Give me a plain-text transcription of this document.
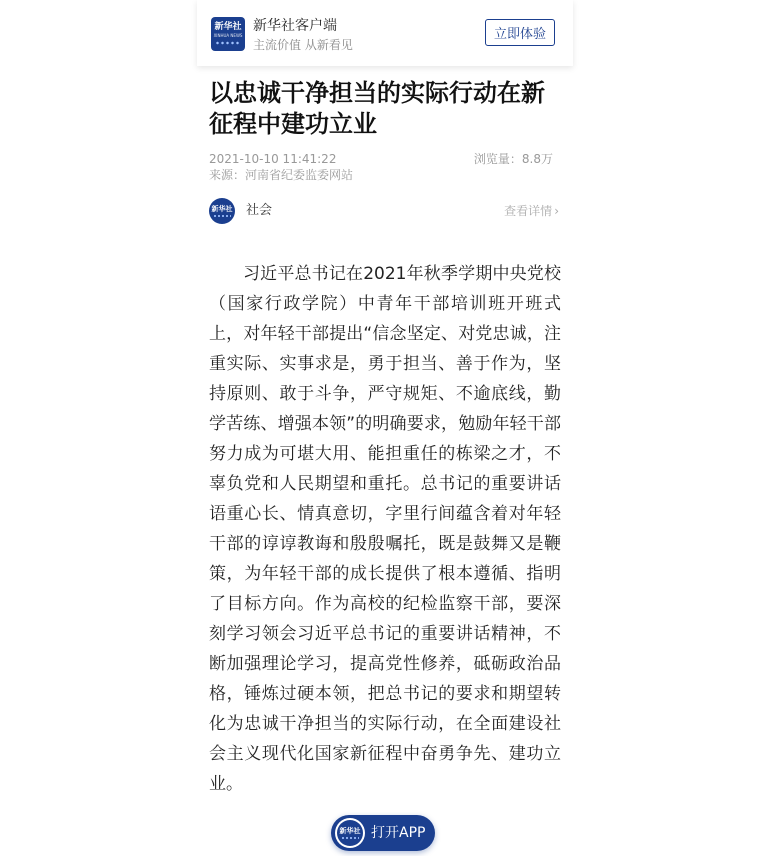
新华社
XINHUA NEWS
新华社客户端
主流价值 从新看见
立即体验
以忠诚干净担当的实际行动在新征程中建功立业
2021-10-10 11:41:22	浏览量：8.8万
来源：河南省纪委监委网站
新华社 社会	查看详情 ›

习近平总书记在2021年秋季学期中央党校（国家行政学院）中青年干部培训班开班式上，对年轻干部提出“信念坚定、对党忠诚，注重实际、实事求是，勇于担当、善于作为，坚持原则、敢于斗争，严守规矩、不逾底线，勤学苦练、增强本领”的明确要求，勉励年轻干部努力成为可堪大用、能担重任的栋梁之才，不辜负党和人民期望和重托。总书记的重要讲话语重心长、情真意切，字里行间蕴含着对年轻干部的谆谆教诲和殷殷嘱托，既是鼓舞又是鞭策，为年轻干部的成长提供了根本遵循、指明了目标方向。作为高校的纪检监察干部，要深刻学习领会习近平总书记的重要讲话精神，不断加强理论学习，提高党性修养，砥砺政治品格，锤炼过硬本领，把总书记的要求和期望转化为忠诚干净担当的实际行动，在全面建设社会主义现代化国家新征程中奋勇争先、建功立业。

新华社 打开APP
